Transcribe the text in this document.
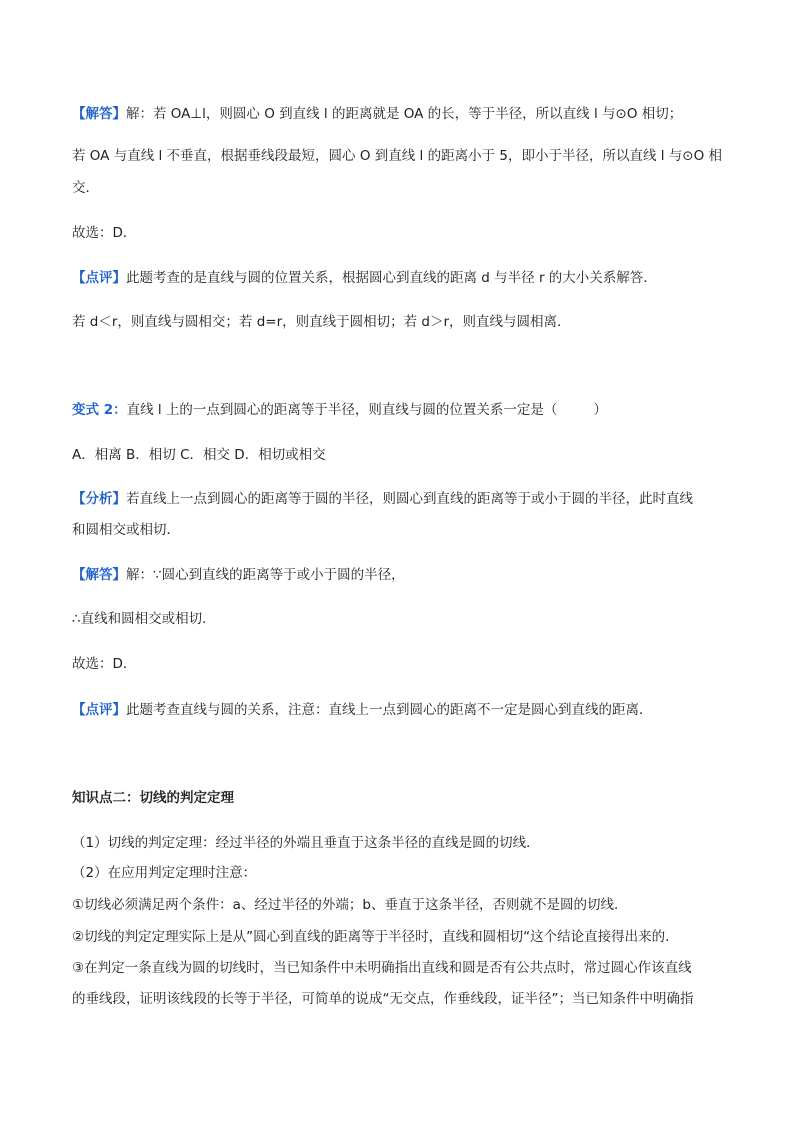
【解答】解：若 OA⊥l，则圆心 O 到直线 l 的距离就是 OA 的长，等于半径，所以直线 l 与⊙O 相切；
若 OA 与直线 l 不垂直，根据垂线段最短，圆心 O 到直线 l 的距离小于 5，即小于半径，所以直线 l 与⊙O 相
交．
故选：D．
【点评】此题考查的是直线与圆的位置关系，根据圆心到直线的距离 d 与半径 r 的大小关系解答．
若 d＜r，则直线与圆相交；若 d=r，则直线于圆相切；若 d＞r，则直线与圆相离．
变式 2：直线 l 上的一点到圆心的距离等于半径，则直线与圆的位置关系一定是（	）
A．相离 B．相切 C．相交 D．相切或相交
【分析】若直线上一点到圆心的距离等于圆的半径，则圆心到直线的距离等于或小于圆的半径，此时直线
和圆相交或相切．
【解答】解：∵圆心到直线的距离等于或小于圆的半径，
∴直线和圆相交或相切．
故选：D．
【点评】此题考查直线与圆的关系，注意：直线上一点到圆心的距离不一定是圆心到直线的距离．
知识点二：切线的判定定理
（1）切线的判定定理：经过半径的外端且垂直于这条半径的直线是圆的切线．
（2）在应用判定定理时注意：
①切线必须满足两个条件：a、经过半径的外端；b、垂直于这条半径，否则就不是圆的切线．
②切线的判定定理实际上是从”圆心到直线的距离等于半径时，直线和圆相切“这个结论直接得出来的．
③在判定一条直线为圆的切线时，当已知条件中未明确指出直线和圆是否有公共点时，常过圆心作该直线
的垂线段，证明该线段的长等于半径，可简单的说成“无交点，作垂线段，证半径”；当已知条件中明确指
